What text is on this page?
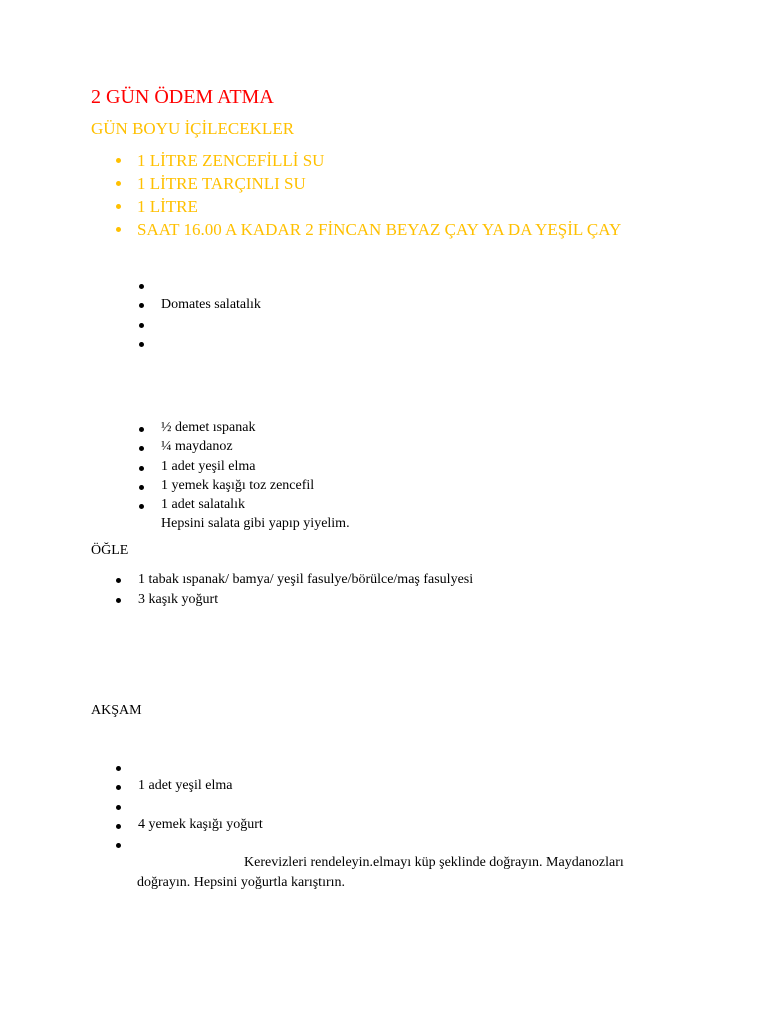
2 GÜN ÖDEM ATMA
GÜN BOYU İÇİLECEKLER
1 LİTRE ZENCEFİLLİ SU
1 LİTRE TARÇINLI SU
1 LİTRE
SAAT 16.00 A KADAR 2 FİNCAN BEYAZ ÇAY YA DA YEŞİL ÇAY
Domates salatalık
½ demet ıspanak
¼ maydanoz
1 adet yeşil elma
1 yemek kaşığı toz zencefil
1 adet salatalık
Hepsini salata gibi yapıp yiyelim.
ÖĞLE
1 tabak ıspanak/ bamya/ yeşil fasulye/börülce/maş fasulyesi
3 kaşık yoğurt
AKŞAM
1 adet yeşil elma
4 yemek kaşığı yoğurt
Kerevizleri rendeleyin.elmayı küp şeklinde doğrayın. Maydanozları doğrayın. Hepsini yoğurtla karıştırın.
